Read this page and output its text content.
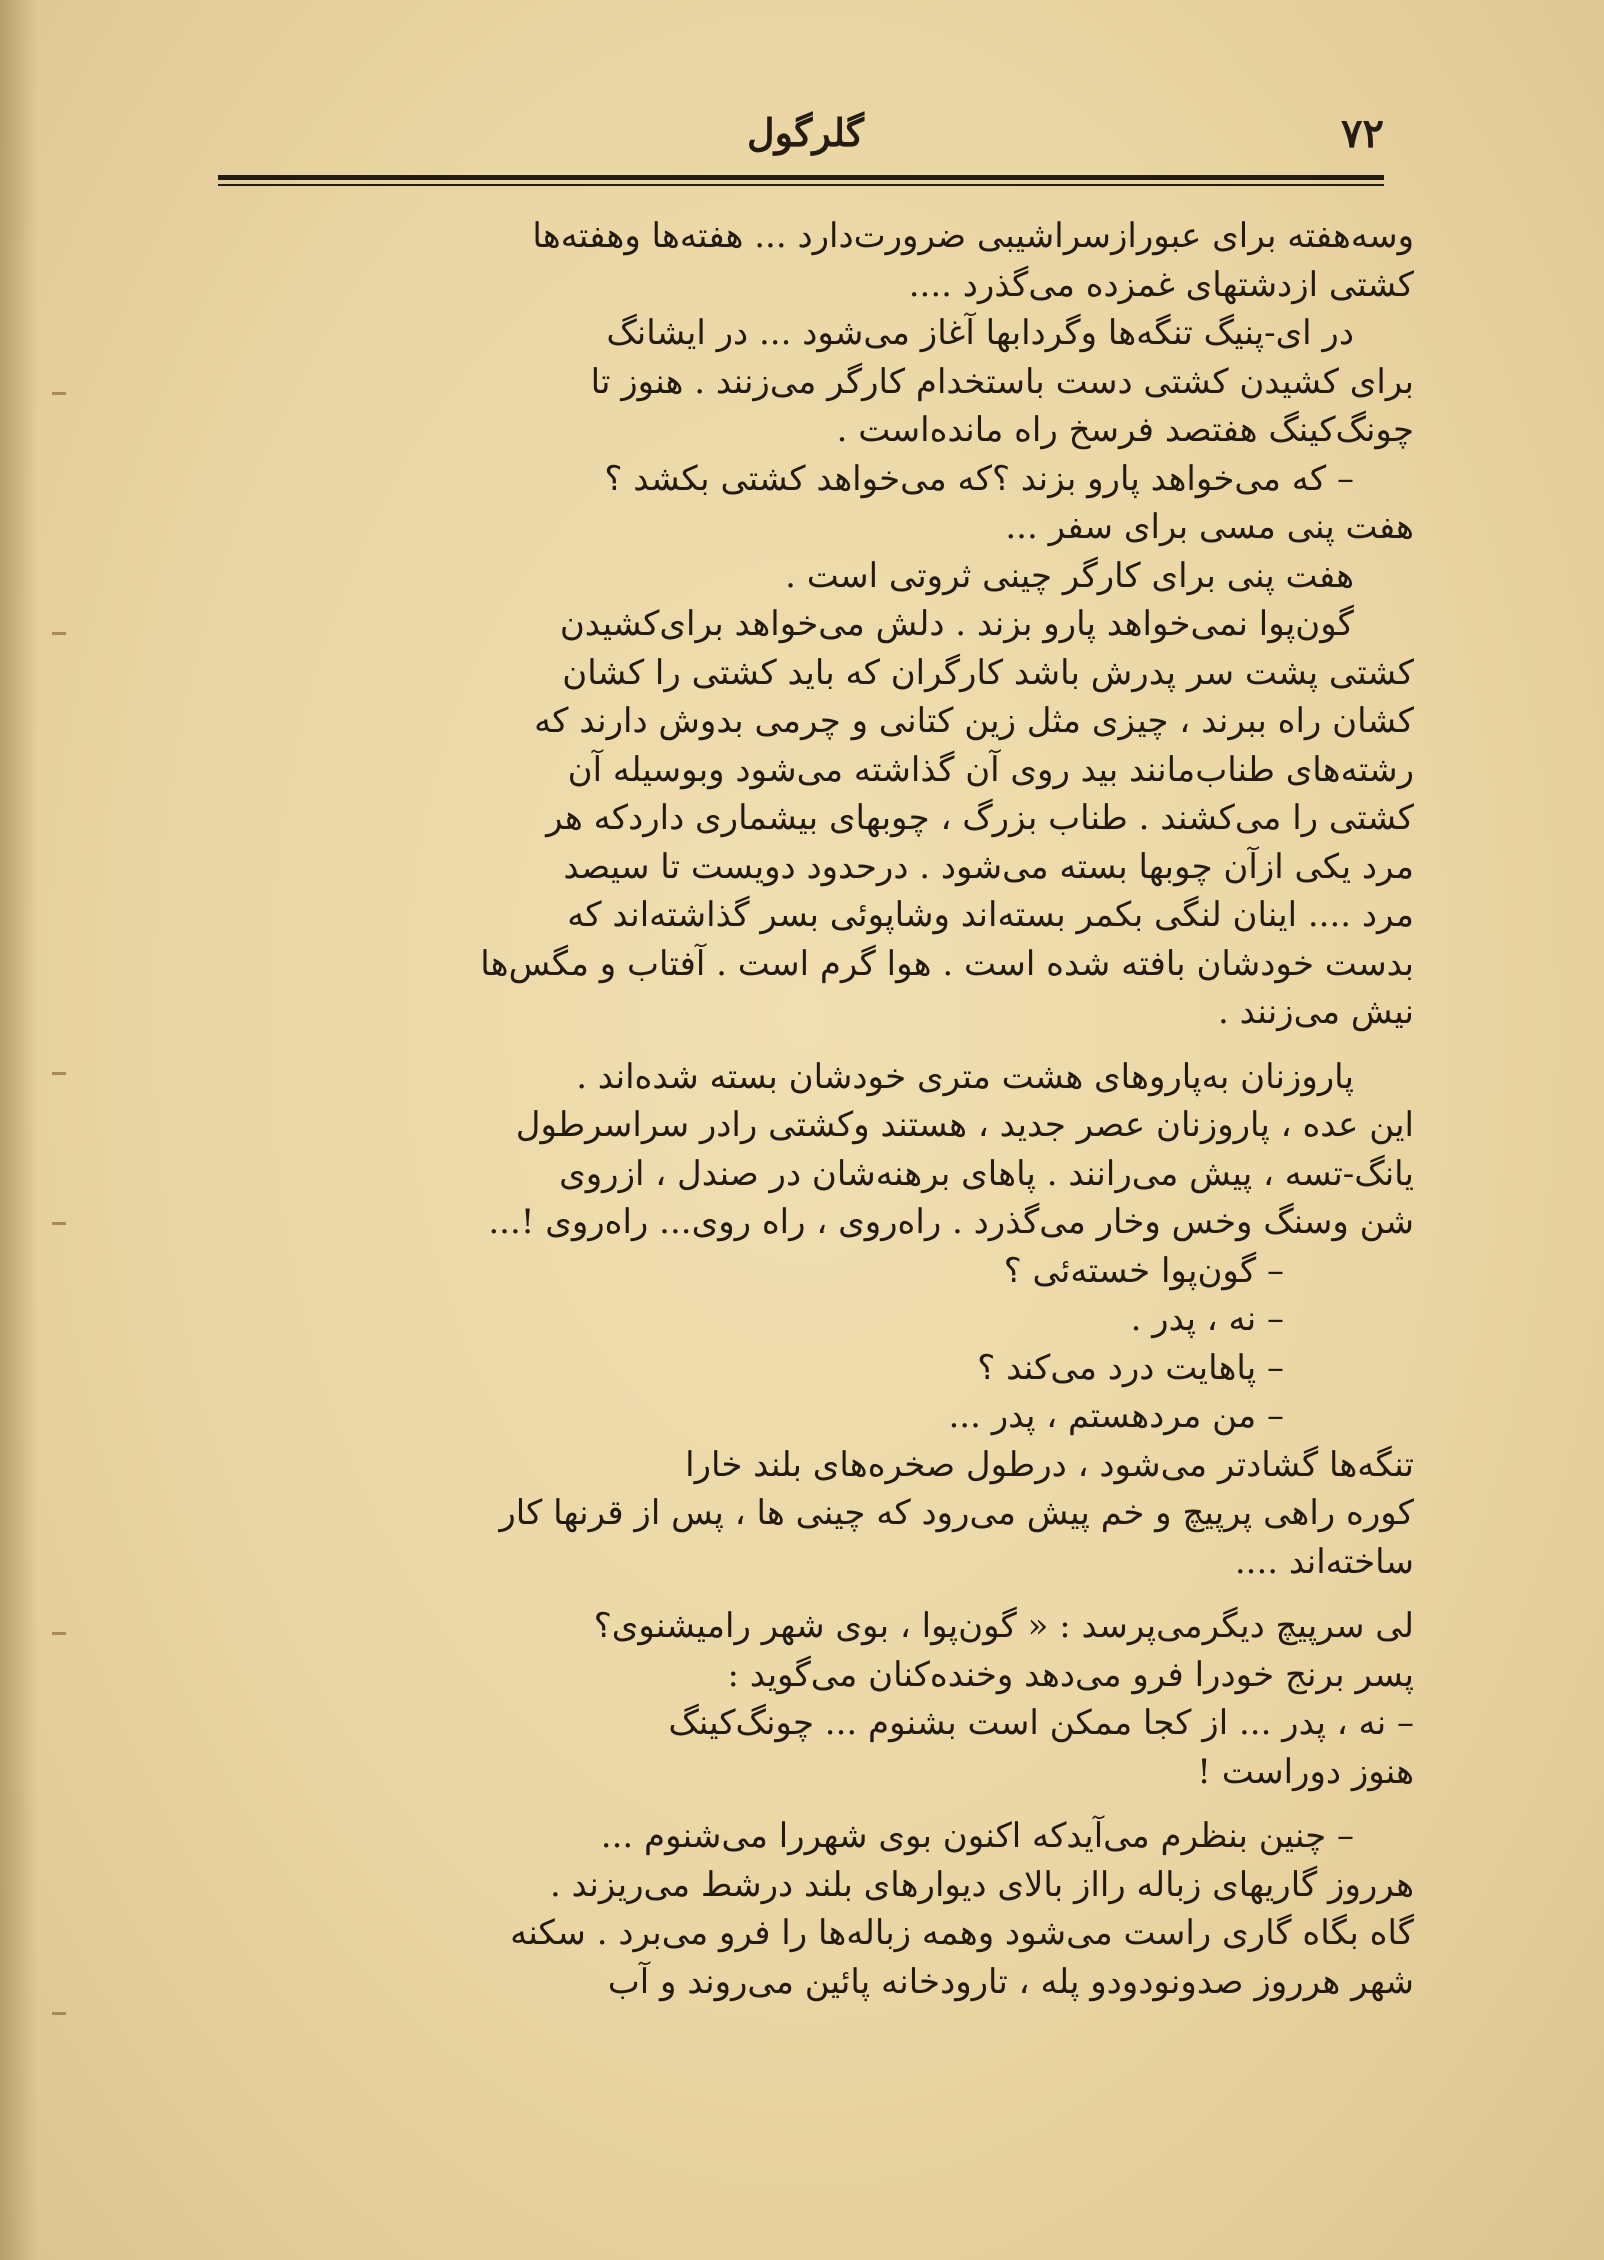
۷۲
گلرگول
وسه‌هفته برای عبورازسراشیبی ضرورت‌دارد ... هفته‌ها وهفته‌ها
کشتی ازدشتهای غمزده می‌گذرد ....
در ای-پنیگ تنگه‌ها وگردابها آغاز می‌شود ... در ایشانگ
برای کشیدن کشتی دست باستخدام کارگر می‌زنند . هنوز تا
چونگ‌کینگ هفتصد فرسخ راه مانده‌است .
– که می‌خواهد پارو بزند ؟که می‌خواهد کشتی بکشد ؟
هفت پنی مسی برای سفر ...
هفت پنی برای کارگر چینی ثروتی است .
گون‌پوا نمی‌خواهد پارو بزند . دلش می‌خواهد برای‌کشیدن
کشتی پشت سر پدرش باشد کارگران که باید کشتی را کشان
کشان راه ببرند ، چیزی مثل زین کتانی و چرمی بدوش دارند که
رشته‌های طناب‌مانند بید روی آن گذاشته می‌شود وبوسیله آن
کشتی را می‌کشند . طناب بزرگ ، چوبهای بیشماری داردکه هر
مرد یکی ازآن چوبها بسته می‌شود . درحدود دویست تا سیصد
مرد .... اینان لنگی بکمر بسته‌اند وشاپوئی بسر گذاشته‌اند که
بدست خودشان بافته شده است . هوا گرم است . آفتاب و مگس‌ها
نیش می‌زنند .
پاروزنان به‌پاروهای هشت متری خودشان بسته شده‌اند .
این عده ، پاروزنان عصر جدید ، هستند وکشتی رادر سراسرطول
یانگ-تسه ، پیش می‌رانند . پاهای برهنه‌شان در صندل ، ازروی
شن وسنگ وخس وخار می‌گذرد . راه‌روی ، راه روی... راه‌روی !...
– گون‌پوا خسته‌ئی ؟
– نه ، پدر .
– پاهایت درد می‌کند ؟
– من مردهستم ، پدر ...
تنگه‌ها گشادتر می‌شود ، درطول صخره‌های بلند خارا
کوره راهی پرپیچ و خم پیش می‌رود که چینی ها ، پس از قرنها کار
ساخته‌اند ....
لی سرپیچ دیگرمی‌پرسد : « گون‌پوا ، بوی شهر رامیشنوی؟
پسر برنج خودرا فرو می‌دهد وخنده‌کنان می‌گوید :
– نه ، پدر ... از کجا ممکن است بشنوم ... چونگ‌کینگ
هنوز دوراست !
– چنین بنظرم می‌آیدکه اکنون بوی شهررا می‌شنوم ...
هرروز گاریهای زباله رااز بالای دیوارهای بلند درشط می‌ریزند .
گاه بگاه گاری راست می‌شود وهمه زباله‌ها را فرو می‌برد . سکنه
شهر هرروز صدونودودو پله ، تارودخانه پائین می‌روند و آب
